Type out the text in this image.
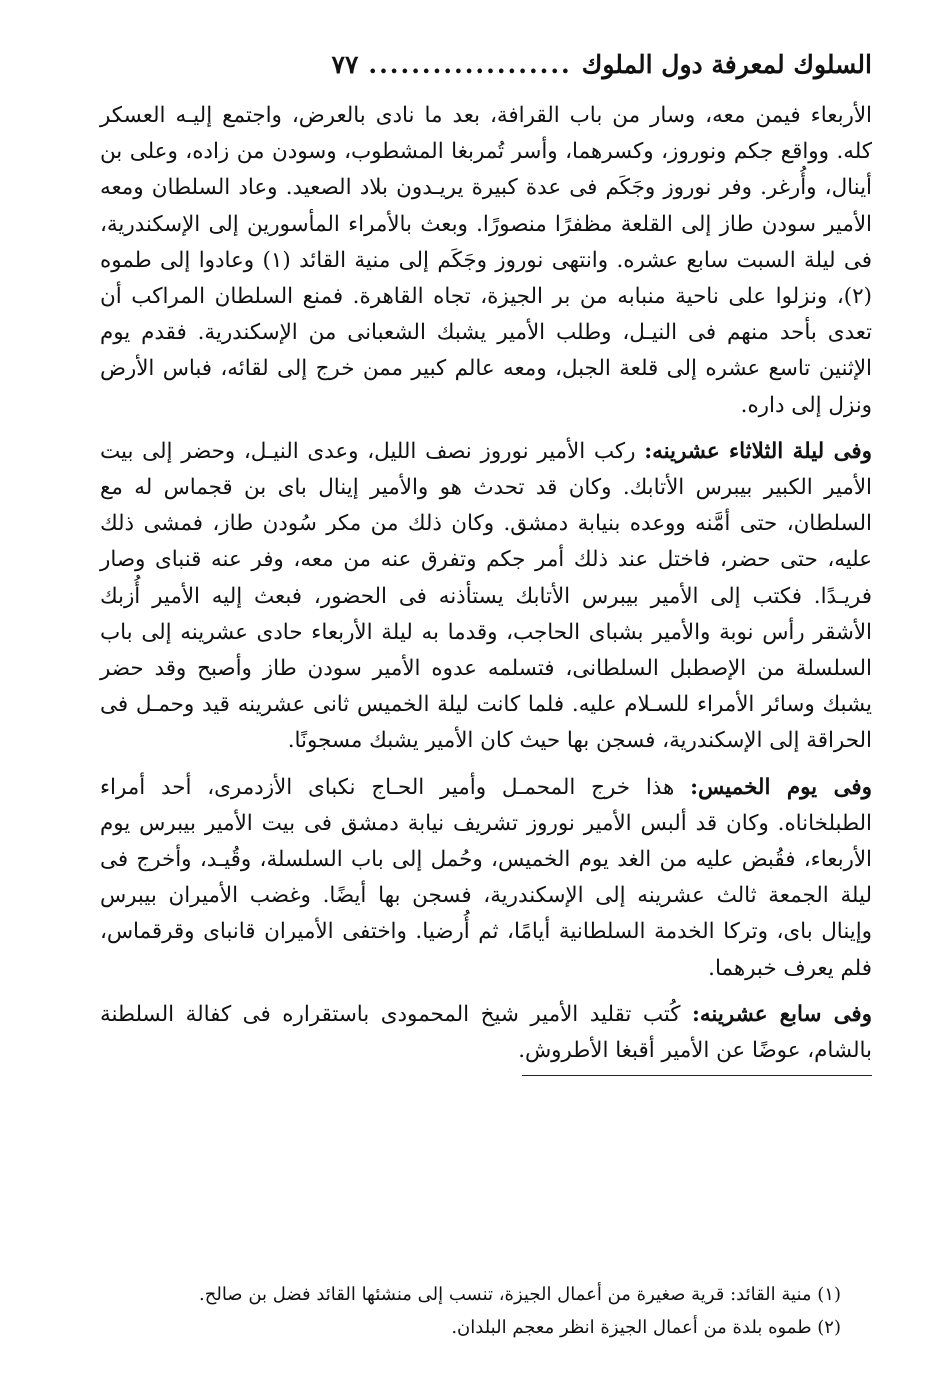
السلوك لمعرفة دول الملوك
...................
٧٧

الأربعاء فيمن معه، وسار من باب القرافة، بعد ما نادى بالعرض، واجتمع إليـه العسكر كله. وواقع جكم ونوروز، وكسرهما، وأسر تُمربغا المشطوب، وسودن من زاده، وعلى بن أينال، وأُرغر. وفر نوروز وجَكَم فى عدة كبيرة يريـدون بلاد الصعيد. وعاد السلطان ومعه الأمير سودن طاز إلى القلعة مظفرًا منصورًا. وبعث بالأمراء المأسورين إلى الإسكندرية، فى ليلة السبت سابع عشره. وانتهى نوروز وجَكَم إلى منية القائد (١) وعادوا إلى طموه (٢)، ونزلوا على ناحية منبابه من بر الجيزة، تجاه القاهرة. فمنع السلطان المراكب أن تعدى بأحد منهم فى النيـل، وطلب الأمير يشبك الشعبانى من الإسكندرية. فقدم يوم الإثنين تاسع عشره إلى قلعة الجبل، ومعه عالم كبير ممن خرج إلى لقائه، فباس الأرض ونزل إلى داره.

وفى ليلة الثلاثاء عشرينه: ركب الأمير نوروز نصف الليل، وعدى النيـل، وحضر إلى بيت الأمير الكبير بيبرس الأتابك. وكان قد تحدث هو والأمير إينال باى بن قجماس له مع السلطان، حتى أمَّنه ووعده بنيابة دمشق. وكان ذلك من مكر سُودن طاز، فمشى ذلك عليه، حتى حضر، فاختل عند ذلك أمر جكم وتفرق عنه من معه، وفر عنه قنباى وصار فريـدًا. فكتب إلى الأمير بيبرس الأتابك يستأذنه فى الحضور، فبعث إليه الأمير أُزبك الأشقر رأس نوبة والأمير بشباى الحاجب، وقدما به ليلة الأربعاء حادى عشرينه إلى باب السلسلة من الإصطبل السلطانى، فتسلمه عدوه الأمير سودن طاز وأصبح وقد حضر يشبك وسائر الأمراء للسـلام عليه. فلما كانت ليلة الخميس ثانى عشرينه قيد وحمـل فى الحراقة إلى الإسكندرية، فسجن بها حيث كان الأمير يشبك مسجونًا.

وفى يوم الخميس: هذا خرج المحمـل وأمير الحـاج نكباى الأزدمرى، أحد أمراء الطبلخاناه. وكان قد ألبس الأمير نوروز تشريف نيابة دمشق فى بيت الأمير بيبرس يوم الأربعاء، فقُبض عليه من الغد يوم الخميس، وحُمل إلى باب السلسلة، وقُيـد، وأخرج فى ليلة الجمعة ثالث عشرينه إلى الإسكندرية، فسجن بها أيضًا. وغضب الأميران بيبرس وإينال باى، وتركا الخدمة السلطانية أيامًا، ثم أُرضيا. واختفى الأميران قانباى وقرقماس، فلم يعرف خبرهما.

وفى سابع عشرينه: كُتب تقليد الأمير شيخ المحمودى باستقراره فى كفالة السلطنة بالشام، عوضًا عن الأمير أقبغا الأطروش.

(١) منية القائد: قرية صغيرة من أعمال الجيزة، تنسب إلى منشئها القائد فضل بن صالح.

(٢) طموه بلدة من أعمال الجيزة انظر معجم البلدان.
